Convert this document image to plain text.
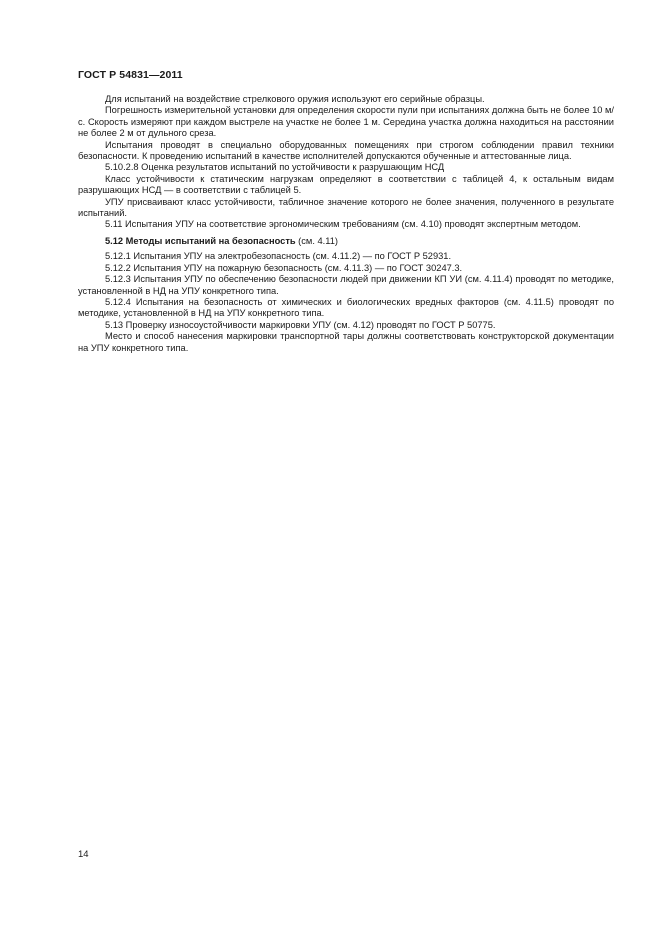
ГОСТ Р 54831—2011

Для испытаний на воздействие стрелкового оружия используют его серийные образцы.

Погрешность измерительной установки для определения скорости пули при испытаниях должна быть не более 10 м/с. Скорость измеряют при каждом выстреле на участке не более 1 м. Середина участка должна находиться на расстоянии не более 2 м от дульного среза.

Испытания проводят в специально оборудованных помещениях при строгом соблюдении правил техники безопасности. К проведению испытаний в качестве исполнителей допускаются обученные и аттестованные лица.

5.10.2.8 Оценка результатов испытаний по устойчивости к разрушающим НСД

Класс устойчивости к статическим нагрузкам определяют в соответствии с таблицей 4, к остальным видам разрушающих НСД — в соответствии с таблицей 5.

УПУ присваивают класс устойчивости, табличное значение которого не более значения, полученного в результате испытаний.

5.11 Испытания УПУ на соответствие эргономическим требованиям (см. 4.10) проводят экспертным методом.

5.12 Методы испытаний на безопасность (см. 4.11)

5.12.1 Испытания УПУ на электробезопасность (см. 4.11.2) — по ГОСТ Р 52931.

5.12.2 Испытания УПУ на пожарную безопасность (см. 4.11.3) — по ГОСТ 30247.3.

5.12.3 Испытания УПУ по обеспечению безопасности людей при движении КП УИ (см. 4.11.4) проводят по методике, установленной в НД на УПУ конкретного типа.

5.12.4 Испытания на безопасность от химических и биологических вредных факторов (см. 4.11.5) проводят по методике, установленной в НД на УПУ конкретного типа.

5.13 Проверку износоустойчивости маркировки УПУ (см. 4.12) проводят по ГОСТ Р 50775.

Место и способ нанесения маркировки транспортной тары должны соответствовать конструкторской документации на УПУ конкретного типа.

14
